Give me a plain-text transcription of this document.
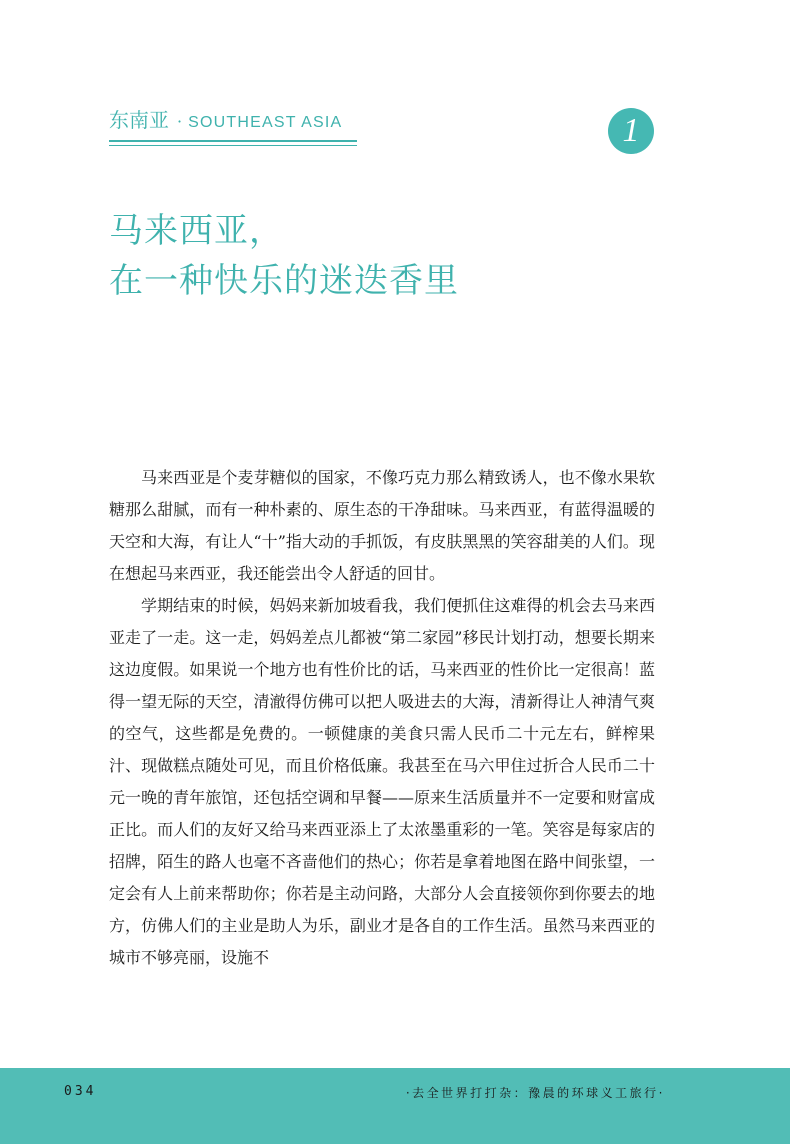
东南亚 · SOUTHEAST ASIA	1
马来西亚，
在一种快乐的迷迭香里

马来西亚是个麦芽糖似的国家，不像巧克力那么精致诱人，也不像水果软糖那么甜腻，而有一种朴素的、原生态的干净甜味。马来西亚，有蓝得温暖的天空和大海，有让人“十”指大动的手抓饭，有皮肤黑黑的笑容甜美的人们。现在想起马来西亚，我还能尝出令人舒适的回甘。

学期结束的时候，妈妈来新加坡看我，我们便抓住这难得的机会去马来西亚走了一走。这一走，妈妈差点儿都被“第二家园”移民计划打动，想要长期来这边度假。如果说一个地方也有性价比的话，马来西亚的性价比一定很高！蓝得一望无际的天空，清澈得仿佛可以把人吸进去的大海，清新得让人神清气爽的空气，这些都是免费的。一顿健康的美食只需人民币二十元左右，鲜榨果汁、现做糕点随处可见，而且价格低廉。我甚至在马六甲住过折合人民币二十元一晚的青年旅馆，还包括空调和早餐——原来生活质量并不一定要和财富成正比。而人们的友好又给马来西亚添上了太浓墨重彩的一笔。笑容是每家店的招牌，陌生的路人也毫不吝啬他们的热心；你若是拿着地图在路中间张望，一定会有人上前来帮助你；你若是主动问路，大部分人会直接领你到你要去的地方，仿佛人们的主业是助人为乐，副业才是各自的工作生活。虽然马来西亚的城市不够亮丽，设施不

034	·去全世界打打杂：豫晨的环球义工旅行·
